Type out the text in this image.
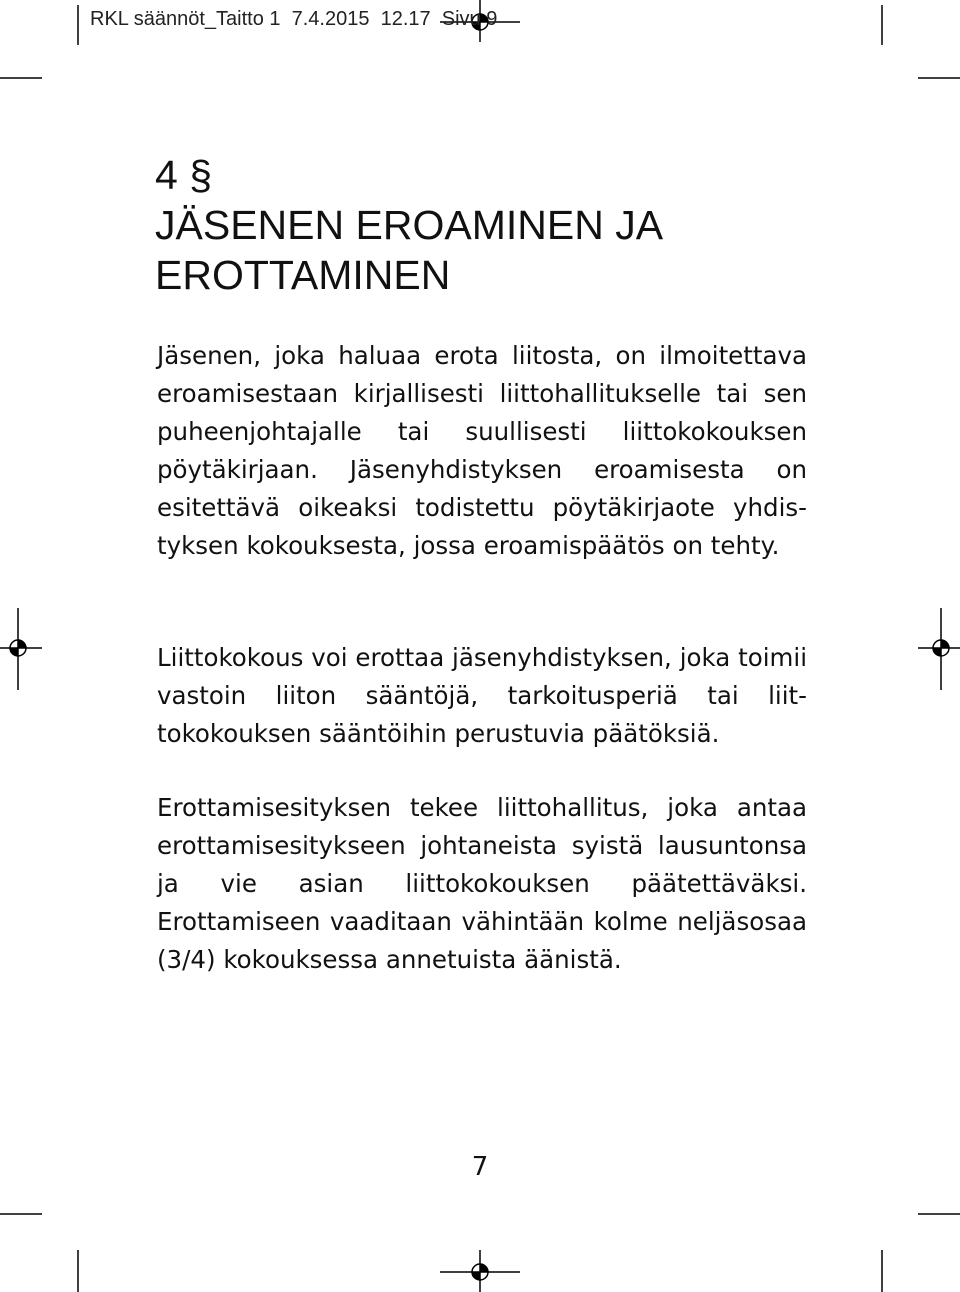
RKL säännöt_Taitto 1  7.4.2015  12.17  Sivu 9
4 §
JÄSENEN EROAMINEN JA
EROTTAMINEN

Jäsenen, joka haluaa erota liitosta, on ilmoitettava eroamisestaan kirjallisesti liittohallitukselle tai sen puheenjohtajalle tai suullisesti liittokokouksen pöytäkirjaan. Jäsenyhdistyksen eroamisesta on esitettävä oikeaksi todistettu pöytäkirjaote yhdistyksen kokouksesta, jossa eroamispäätös on tehty.

Liittokokous voi erottaa jäsenyhdistyksen, joka toimii vastoin liiton sääntöjä, tarkoitusperiä tai liittokokouksen sääntöihin perustuvia päätöksiä.

Erottamisesityksen tekee liittohallitus, joka antaa erottamisesitykseen johtaneista syistä lausuntonsa ja vie asian liittokokouksen päätettäväksi. Erottamiseen vaaditaan vähintään kolme neljäsosaa (3/4) kokouksessa annetuista äänistä.

7
